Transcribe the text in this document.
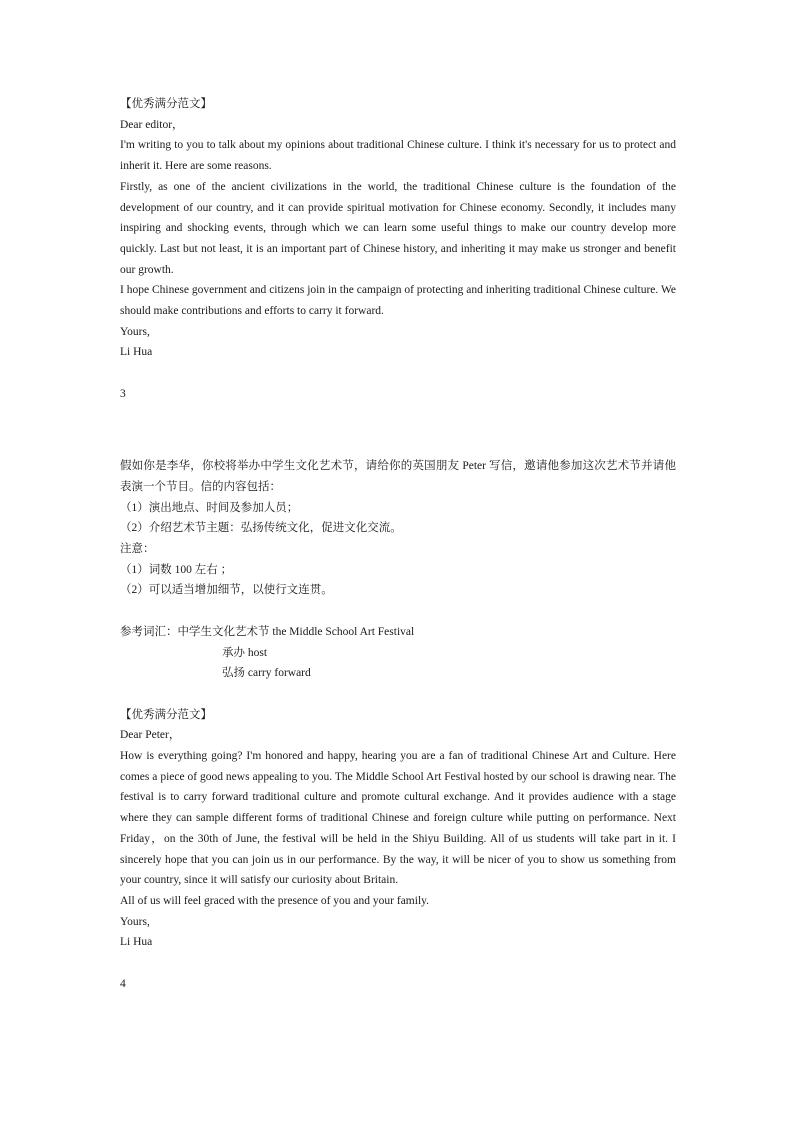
【优秀满分范文】

Dear editor，

I'm writing to you to talk about my opinions about traditional Chinese culture. I think it's necessary for us to protect and inherit it. Here are some reasons.

Firstly, as one of the ancient civilizations in the world, the traditional Chinese culture is the foundation of the development of our country, and it can provide spiritual motivation for Chinese economy. Secondly, it includes many inspiring and shocking events, through which we can learn some useful things to make our country develop more quickly. Last but not least, it is an important part of Chinese history, and inheriting it may make us stronger and benefit our growth.

I hope Chinese government and citizens join in the campaign of protecting and inheriting traditional Chinese culture. We should make contributions and efforts to carry it forward.

Yours,

Li Hua

3

假如你是李华，你校将举办中学生文化艺术节，请给你的英国朋友 Peter 写信，邀请他参加这次艺术节并请他表演一个节目。信的内容包括：

（1）演出地点、时间及参加人员；

（2）介绍艺术节主题：弘扬传统文化，促进文化交流。

注意：

（1）词数 100 左右 ；

（2）可以适当增加细节，以使行文连贯。

参考词汇：中学生文化艺术节 the Middle School Art Festival

承办 host

弘扬 carry forward

【优秀满分范文】

Dear Peter，

How is everything going? I'm honored and happy, hearing you are a fan of traditional Chinese Art and Culture. Here comes a piece of good news appealing to you. The Middle School Art Festival hosted by our school is drawing near. The festival is to carry forward traditional culture and promote cultural exchange. And it provides audience with a stage where they can sample different forms of traditional Chinese and foreign culture while putting on performance. Next Friday，on the 30th of June, the festival will be held in the Shiyu Building. All of us students will take part in it. I sincerely hope that you can join us in our performance. By the way, it will be nicer of you to show us something from your country, since it will satisfy our curiosity about Britain.

All of us will feel graced with the presence of you and your family.

Yours,

Li Hua

4
